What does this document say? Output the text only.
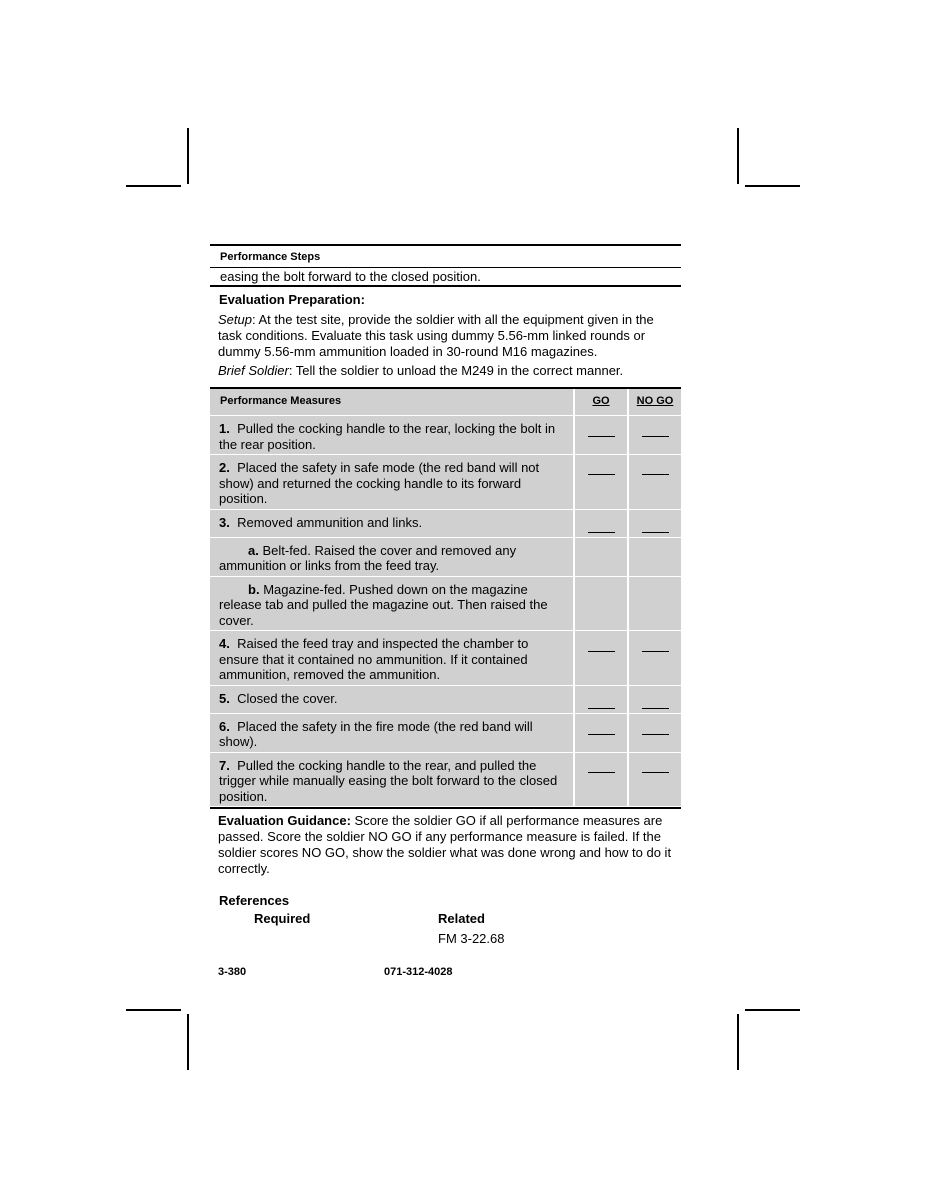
Performance Steps
easing the bolt forward to the closed position.
Evaluation Preparation:
Setup: At the test site, provide the soldier with all the equipment given in the task conditions. Evaluate this task using dummy 5.56-mm linked rounds or dummy 5.56-mm ammunition loaded in 30-round M16 magazines.
Brief Soldier: Tell the soldier to unload the M249 in the correct manner.
Performance Measures	GO	NO GO
1. Pulled the cocking handle to the rear, locking the bolt in the rear position.	

2. Placed the safety in safe mode (the red band will not show) and returned the cocking handle to its forward position.	

3. Removed ammunition and links.	

a. Belt-fed. Raised the cover and removed any ammunition or links from the feed tray.		
b. Magazine-fed. Pushed down on the magazine release tab and pulled the magazine out. Then raised the cover.		
4. Raised the feed tray and inspected the chamber to ensure that it contained no ammunition. If it contained ammunition, removed the ammunition.	

5. Closed the cover.	

6. Placed the safety in the fire mode (the red band will show).	

7. Pulled the cocking handle to the rear, and pulled the trigger while manually easing the bolt forward to the closed position.	

Evaluation Guidance: Score the soldier GO if all performance measures are passed. Score the soldier NO GO if any performance measure is failed. If the soldier scores NO GO, show the soldier what was done wrong and how to do it correctly.
References
Required	Related
FM 3-22.68
3-380	071-312-4028
